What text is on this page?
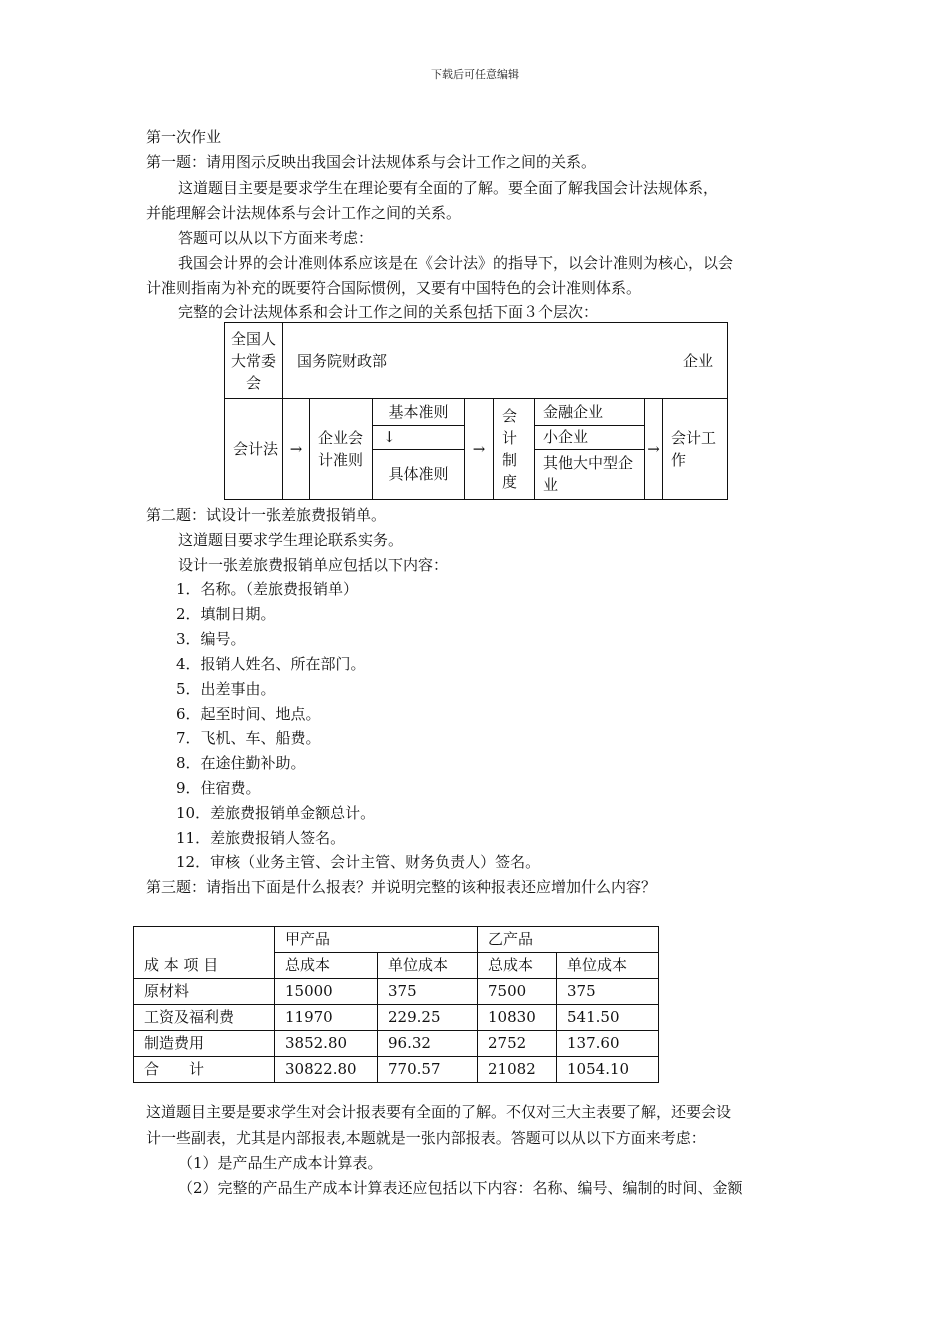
下载后可任意编辑
第一次作业
第一题：请用图示反映出我国会计法规体系与会计工作之间的关系。
这道题目主要是要求学生在理论要有全面的了解。要全面了解我国会计法规体系，
并能理解会计法规体系与会计工作之间的关系。
答题可以从以下方面来考虑：
我国会计界的会计准则体系应该是在《会计法》的指导下，以会计准则为核心，以会
计准则指南为补充的既要符合国际惯例，又要有中国特色的会计准则体系。
完整的会计法规体系和会计工作之间的关系包括下面３个层次：
全国人大常委会	国务院财政部 企业							

会计法	→	企业会计准则	基本准则	→	会计制度	金融企业	→	会计工作
			↓			小企业		
			具体准则			其他大中型企业		
第二题：试设计一张差旅费报销单。
这道题目要求学生理论联系实务。
设计一张差旅费报销单应包括以下内容：
1．名称。（差旅费报销单）
2．填制日期。
3．编号。
4．报销人姓名、所在部门。
5．出差事由。
6．起至时间、地点。
7．飞机、车、船费。
8．在途住勤补助。
9．住宿费。
10．差旅费报销单金额总计。
11．差旅费报销人签名。
12．审核（业务主管、会计主管、财务负责人）签名。
第三题：请指出下面是什么报表？并说明完整的该种报表还应增加什么内容？
成 本 项 目	甲产品		乙产品	
	总成本	单位成本	总成本	单位成本
原材料	15000	375	7500	375
工资及福利费	11970	229.25	10830	541.50
制造费用	3852.80	96.32	2752	137.60
合　　计	30822.80	770.57	21082	1054.10
这道题目主要是要求学生对会计报表要有全面的了解。不仅对三大主表要了解，还要会设
计一些副表，尤其是内部报表,本题就是一张内部报表。答题可以从以下方面来考虑：
（1）是产品生产成本计算表。
（2）完整的产品生产成本计算表还应包括以下内容：名称、编号、编制的时间、金额
